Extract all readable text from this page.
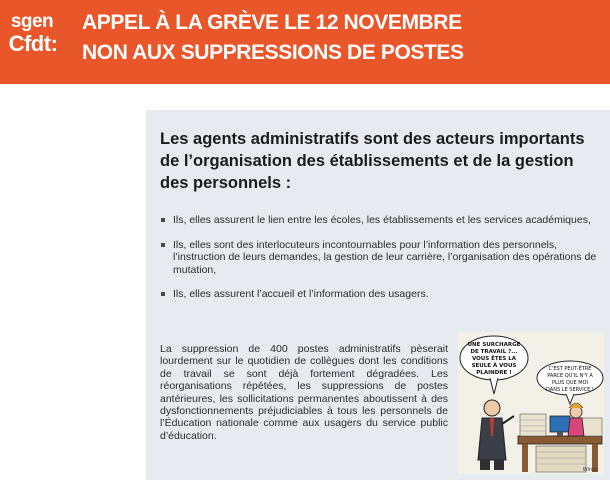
sgen
Cfdt:
APPEL À LA GRÈVE LE 12 NOVEMBRE
NON AUX SUPPRESSIONS DE POSTES
Les agents administratifs sont des acteurs importants de l’organisation des établissements et de la gestion des personnels :
Ils, elles assurent le lien entre les écoles, les établissements et les services académiques,
Ils, elles sont des interlocuteurs incontournables pour l’information des personnels, l’instruction de leurs demandes, la gestion de leur carrière, l’organisation des opérations de mutation,
Ils, elles assurent l’accueil et l’information des usagers.
La suppression de 400 postes administratifs pèserait lourdement sur le quotidien de collègues dont les conditions de travail se sont déjà fortement dégradées. Les réorganisations répétées, les suppressions de postes antérieures, les sollicitations permanentes aboutissent à des dysfonctionnements préjudiciables à tous les personnels de l’Éducation nationale comme aux usagers du service public d’éducation.
UNE SURCHARGE
DE TRAVAIL ?...
VOUS ÊTES LA
SEULE À VOUS
PLAINDRE !
C'EST PEUT-ÊTRE
PARCE QU'IL N'Y A
PLUS QUE MOI
DANS LE SERVICE !
Wingz
